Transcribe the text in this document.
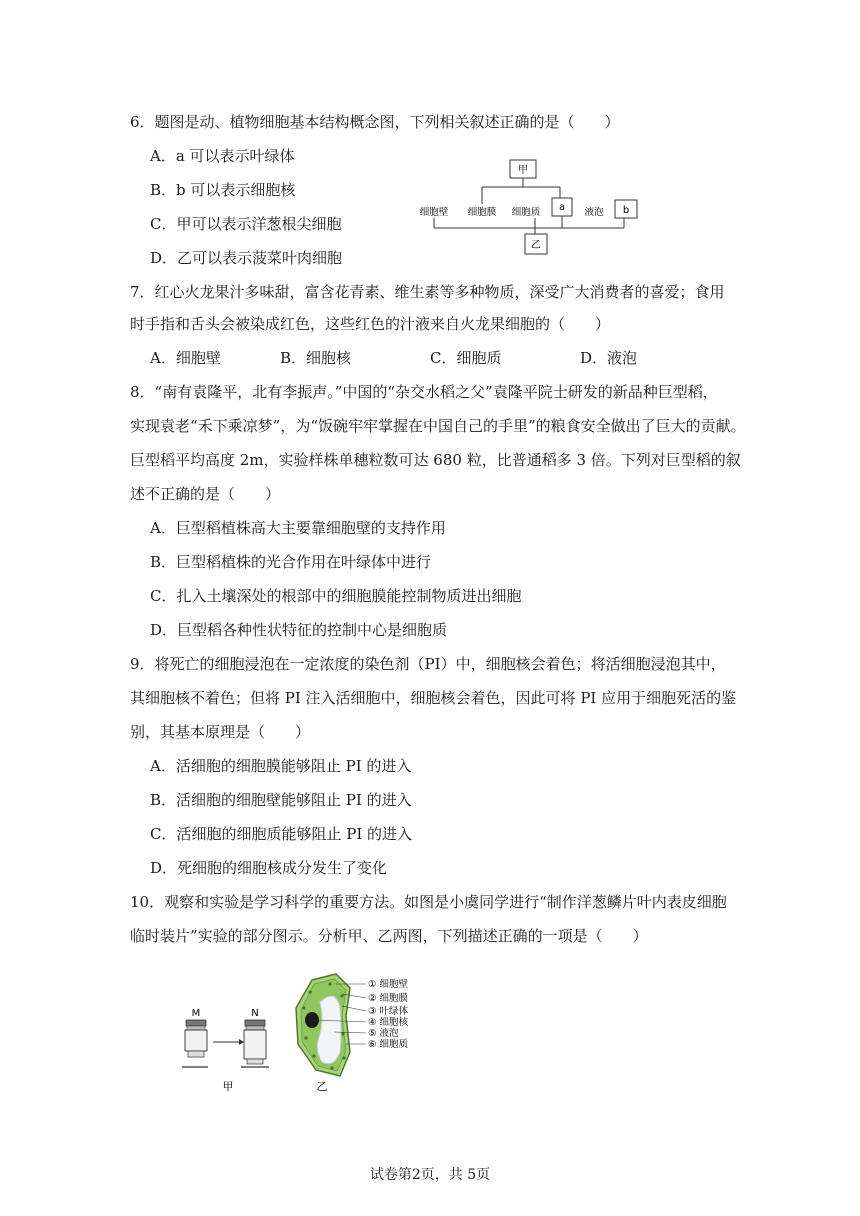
6．题图是动、植物细胞基本结构概念图，下列相关叙述正确的是（　　）
A．a 可以表示叶绿体
B．b 可以表示细胞核
C．甲可以表示洋葱根尖细胞
D．乙可以表示菠菜叶肉细胞
甲
细胞壁 细胞膜 细胞质 a 液泡 b
乙
7．红心火龙果汁多味甜，富含花青素、维生素等多种物质，深受广大消费者的喜爱；食用
时手指和舌头会被染成红色，这些红色的汁液来自火龙果细胞的（　　）
A．细胞壁	B．细胞核	C．细胞质	D．液泡
8．“南有袁隆平，北有李振声。”中国的“杂交水稻之父”袁隆平院士研发的新品种巨型稻，
实现袁老“禾下乘凉梦”，为“饭碗牢牢掌握在中国自己的手里”的粮食安全做出了巨大的贡献。
巨型稻平均高度 2m，实验样株单穗粒数可达 680 粒，比普通稻多 3 倍。下列对巨型稻的叙
述不正确的是（　　）
A．巨型稻植株高大主要靠细胞壁的支持作用
B．巨型稻植株的光合作用在叶绿体中进行
C．扎入土壤深处的根部中的细胞膜能控制物质进出细胞
D．巨型稻各种性状特征的控制中心是细胞质
9．将死亡的细胞浸泡在一定浓度的染色剂（PI）中，细胞核会着色；将活细胞浸泡其中，
其细胞核不着色；但将 PI 注入活细胞中，细胞核会着色，因此可将 PI 应用于细胞死活的鉴
别，其基本原理是（　　）
A．活细胞的细胞膜能够阻止 PI 的进入
B．活细胞的细胞壁能够阻止 PI 的进入
C．活细胞的细胞质能够阻止 PI 的进入
D．死细胞的细胞核成分发生了变化
10．观察和实验是学习科学的重要方法。如图是小虞同学进行“制作洋葱鳞片叶内表皮细胞
临时装片”实验的部分图示。分析甲、乙两图，下列描述正确的一项是（　　）
M	N
甲
① 细胞壁
② 细胞膜
③ 叶绿体
④ 细胞核
⑤ 液泡
⑥ 细胞质
乙
试卷第2页，共 5页
